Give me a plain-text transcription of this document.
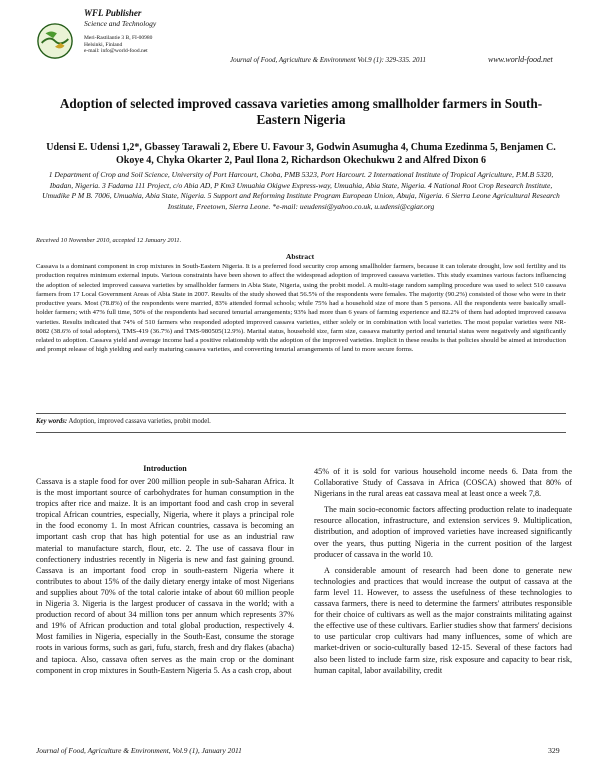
WFL Publisher
Science and Technology
Meri-Rastilantie 3 B, FI-00980
Helsinki, Finland
e-mail: info@world-food.net
Journal of Food, Agriculture & Environment Vol.9 (1): 329-335. 2011	www.world-food.net
Adoption of selected improved cassava varieties among smallholder farmers in South-Eastern Nigeria
Udensi E. Udensi 1,2*, Gbassey Tarawali 2, Ebere U. Favour 3, Godwin Asumugha 4, Chuma Ezedinma 5, Benjamen C. Okoye 4, Chyka Okarter 2, Paul Ilona 2, Richardson Okechukwu 2 and Alfred Dixon 6
1 Department of Crop and Soil Science, University of Port Harcourt, Choba, PMB 5323, Port Harcourt. 2 International Institute of Tropical Agriculture, P.M.B 5320, Ibadan, Nigeria. 3 Fadama 111 Project, c/o Abia AD, P Km3 Umuahia Okigwe Express-way, Umuahia, Abia State, Nigeria. 4 National Root Crop Research Institute, Umudike P M B. 7006, Umuahia, Abia State, Nigeria. 5 Support and Reforming Institute Program European Union, Abuja, Nigeria. 6 Sierra Leone Agricultural Research Institute, Freetown, Sierra Leone. *e-mail: ueudensi@yahoo.co.uk, u.udensi@cgiar.org
Received 10 November 2010, accepted 12 January 2011.
Abstract

Cassava is a dominant component in crop mixtures in South-Eastern Nigeria. It is a preferred food security crop among smallholder farmers, because it can tolerate drought, low soil fertility and its production requires minimum external inputs. Various constraints have been shown to affect the widespread adoption of improved cassava varieties. This study examines various factors influencing the adoption of selected improved cassava varieties by smallholder farmers in Abia State, Nigeria, using the probit model. A multi-stage random sampling procedure was used to select 510 cassava farmers from 17 Local Government Areas of Abia State in 2007. Results of the study showed that 56.5% of the respondents were females. The majority (90.2%) consisted of those who were in their productive years. Most (78.8%) of the respondents were married, 83% attended formal schools; while 75% had a household size of more than 5 persons. All the respondents were basically small-holder farmers; with 47% full time, 50% of the respondents had secured tenurial arrangements; 93% had more than 6 years of farming experience and 82.2% of them had adopted improved cassava varieties. Results indicated that 74% of 510 farmers who responded adopted improved cassava varieties, either solely or in combination with local varieties. The most popular varieties were NR-8082 (38.6% of total adopters), TMS-419 (36.7%) and TMS-980505(12.9%). Marital status, household size, farm size, cassava maturity period and tenurial status were negatively and significantly related to adoption. Cassava yield and average income had a positive relationship with the adoption of the improved varieties. Implicit in these results is that policies should be aimed at introduction and prompt release of high yielding and early maturing cassava varieties, and converting tenurial arrangements of land to more secure forms.

Key words: Adoption, improved cassava varieties, probit model.
Introduction

Cassava is a staple food for over 200 million people in sub-Saharan Africa. It is the most important source of carbohydrates for human consumption in the tropics after rice and maize. It is an important food and cash crop in several tropical African countries, especially, Nigeria, where it plays a principal role in the food economy 1. In most African countries, cassava is becoming an important cash crop that has high potential for use as an industrial raw material to manufacture starch, flour, etc. 2. The use of cassava flour in confectionery industries recently in Nigeria is new and fast gaining ground. Cassava is an important food crop in south-eastern Nigeria where it contributes to about 15% of the daily dietary energy intake of most Nigerians and supplies about 70% of the total calorie intake of about 60 million people in Nigeria 3. Nigeria is the largest producer of cassava in the world; with a production record of about 34 million tons per annum which represents 37% and 19% of African production and total global production, respectively 4. Most families in Nigeria, especially in the South-East, consume the storage roots in various forms, such as gari, fufu, starch, fresh and dry flakes (abacha) and tapioca. Also, cassava often serves as the main crop or the dominant component in crop mixtures in South-Eastern Nigeria 5. As a cash crop, about

45% of it is sold for various household income needs 6. Data from the Collaborative Study of Cassava in Africa (COSCA) showed that 80% of Nigerians in the rural areas eat cassava meal at least once a week 7,8.

The main socio-economic factors affecting production relate to inadequate resource allocation, infrastructure, and extension services 9. Multiplication, distribution, and adoption of improved varieties have increased significantly over the years, thus putting Nigeria in the current position of the largest producer of cassava in the world 10.

A considerable amount of research had been done to generate new technologies and practices that would increase the output of cassava at the farm level 11. However, to assess the usefulness of these technologies to cassava farmers, there is need to determine the farmers' attributes responsible for their choice of cultivars as well as the major constraints militating against the effective use of these cultivars. Earlier studies show that farmers' decisions to use particular crop cultivars had many influences, some of which are market-driven or socio-culturally based 12-15. Several of these factors had also been listed to include farm size, risk exposure and capacity to bear risk, human capital, labor availability, credit

Journal of Food, Agriculture & Environment, Vol.9 (1), January 2011	329
